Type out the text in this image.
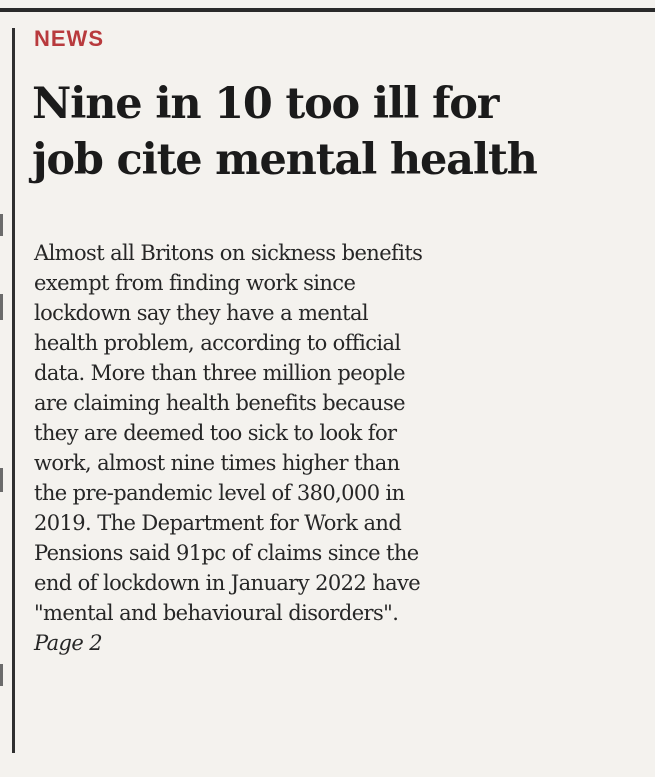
NEWS
Nine in 10 too ill for
job cite mental health
Almost all Britons on sickness benefits
exempt from finding work since
lockdown say they have a mental
health problem, according to official
data. More than three million people
are claiming health benefits because
they are deemed too sick to look for
work, almost nine times higher than
the pre-pandemic level of 380,000 in
2019. The Department for Work and
Pensions said 91pc of claims since the
end of lockdown in January 2022 have
"mental and behavioural disorders".
Page 2
